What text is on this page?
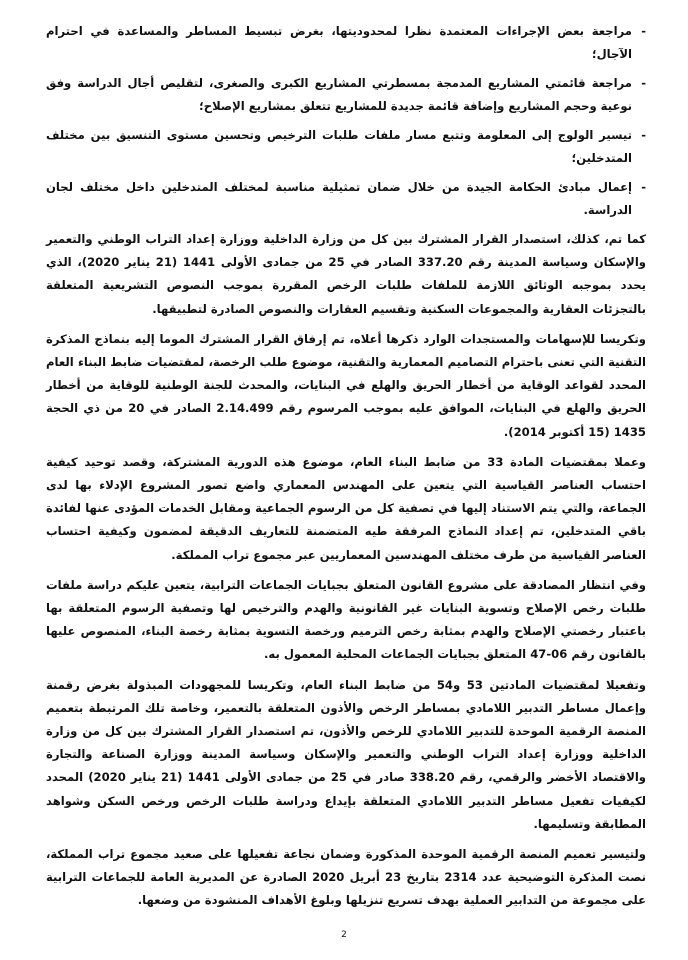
-
مراجعة بعض الإجراءات المعتمدة نظرا لمحدوديتها، بغرض تبسيط المساطر والمساعدة في احترام الآجال؛
-
مراجعة قائمتي المشاريع المدمجة بمسطرتي المشاريع الكبرى والصغرى، لتقليص أجال الدراسة وفق نوعية وحجم المشاريع وإضافة قائمة جديدة للمشاريع تتعلق بمشاريع الإصلاح؛
-
تيسير الولوج إلى المعلومة وتتبع مسار ملفات طلبات الترخيص وتحسين مستوى التنسيق بين مختلف المتدخلين؛
-
إعمال مبادئ الحكامة الجيدة من خلال ضمان تمثيلية مناسبة لمختلف المتدخلين داخل مختلف لجان الدراسة.

كما تم، كذلك، استصدار القرار المشترك بين كل من وزارة الداخلية ووزارة إعداد التراب الوطني والتعمير والإسكان وسياسة المدينة رقم 337.20 الصادر في 25 من جمادى الأولى 1441 (21 يناير 2020)، الذي يحدد بموجبه الوثائق اللازمة للملفات طلبات الرخص المقررة بموجب النصوص التشريعية المتعلقة بالتجزئات العقارية والمجموعات السكنية وتقسيم العقارات والنصوص الصادرة لتطبيقها.

وتكريسا للإسهامات والمستجدات الوارد ذكرها أعلاه، تم إرفاق القرار المشترك الموما إليه بنماذج المذكرة التقنية التي تعنى باحترام التصاميم المعمارية والتقنية، موضوع طلب الرخصة، لمقتضيات ضابط البناء العام المحدد لقواعد الوقاية من أخطار الحريق والهلع في البنايات، والمحدث للجنة الوطنية للوقاية من أخطار الحريق والهلع في البنايات، الموافق عليه بموجب المرسوم رقم 2.14.499 الصادر في 20 من ذي الحجة 1435 (15 أكتوبر 2014).

وعملا بمقتضيات المادة 33 من ضابط البناء العام، موضوع هذه الدورية المشتركة، وقصد توحيد كيفية احتساب العناصر القياسية التي يتعين على المهندس المعماري واضع تصور المشروع الإدلاء بها لدى الجماعة، والتي يتم الاستناد إليها في تصفية كل من الرسوم الجماعية ومقابل الخدمات المؤدى عنها لفائدة باقي المتدخلين، تم إعداد النماذج المرفقة طيه المتضمنة للتعاريف الدقيقة لمضمون وكيفية احتساب العناصر القياسية من طرف مختلف المهندسين المعماريين عبر مجموع تراب المملكة.

وفي انتظار المصادقة على مشروع القانون المتعلق بجبايات الجماعات الترابية، يتعين عليكم دراسة ملفات طلبات رخص الإصلاح وتسوية البنايات غير القانونية والهدم والترخيص لها وتصفية الرسوم المتعلقة بها باعتبار رخصتي الإصلاح والهدم بمثابة رخص الترميم ورخصة التسوية بمثابة رخصة البناء، المنصوص عليها بالقانون رقم 06-47 المتعلق بجبايات الجماعات المحلية المعمول به.

وتفعيلا لمقتضيات المادتين 53 و54 من ضابط البناء العام، وتكريسا للمجهودات المبذولة بغرض رقمنة وإعمال مساطر التدبير اللامادي بمساطر الرخص والأذون المتعلقة بالتعمير، وخاصة تلك المرتبطة بتعميم المنصة الرقمية الموحدة للتدبير اللامادي للرخص والأذون، تم استصدار القرار المشترك بين كل من وزارة الداخلية ووزارة إعداد التراب الوطني والتعمير والإسكان وسياسة المدينة ووزارة الصناعة والتجارة والاقتصاد الأخضر والرقمي، رقم 338.20 صادر في 25 من جمادى الأولى 1441 (21 يناير 2020) المحدد لكيفيات تفعيل مساطر التدبير اللامادي المتعلقة بإيداع ودراسة طلبات الرخص ورخص السكن وشواهد المطابقة وتسليمها.

ولتيسير تعميم المنصة الرقمية الموحدة المذكورة وضمان نجاعة تفعيلها على صعيد مجموع تراب المملكة، نصت المذكرة التوضيحية عدد 2314 بتاريخ 23 أبريل 2020 الصادرة عن المديرية العامة للجماعات الترابية على مجموعة من التدابير العملية بهدف تسريع تنزيلها وبلوغ الأهداف المنشودة من وضعها.

2
